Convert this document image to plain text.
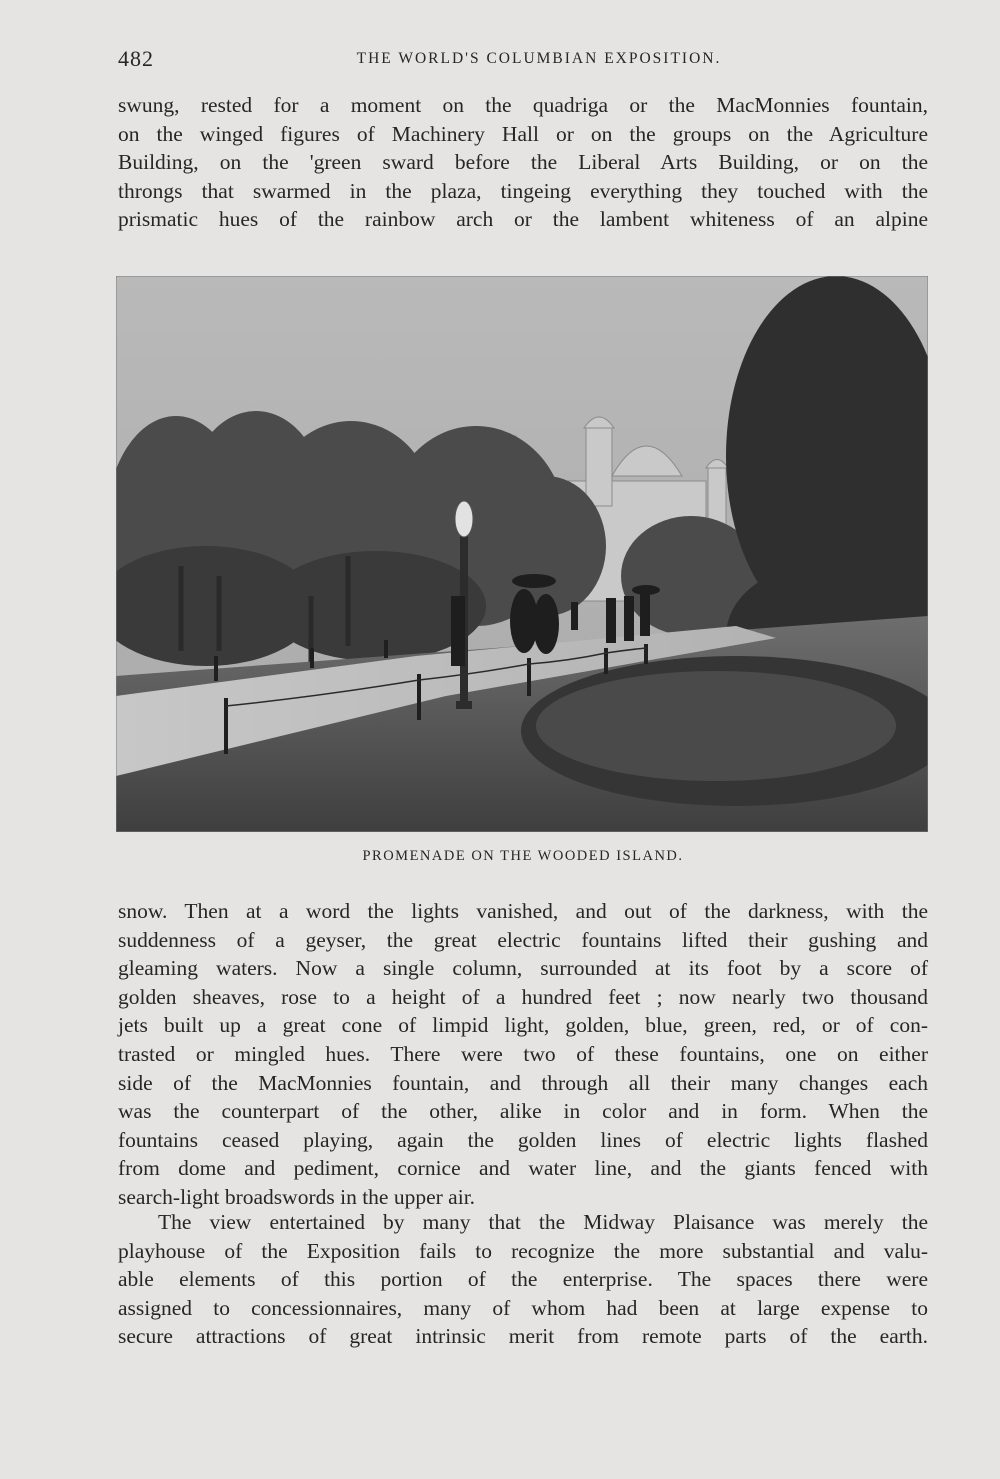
482	THE WORLD'S COLUMBIAN EXPOSITION.
swung, rested for a moment on the quadriga or the MacMonnies fountain,
on the winged figures of Machinery Hall or on the groups on the Agriculture
Building, on the 'green sward before the Liberal Arts Building, or on the
throngs that swarmed in the plaza, tingeing everything they touched with the
prismatic hues of the rainbow arch or the lambent whiteness of an alpine
PROMENADE ON THE WOODED ISLAND.
snow. Then at a word the lights vanished, and out of the darkness, with the
suddenness of a geyser, the great electric fountains lifted their gushing and
gleaming waters. Now a single column, surrounded at its foot by a score of
golden sheaves, rose to a height of a hundred feet ; now nearly two thousand
jets built up a great cone of limpid light, golden, blue, green, red, or of con-
trasted or mingled hues. There were two of these fountains, one on either
side of the MacMonnies fountain, and through all their many changes each
was the counterpart of the other, alike in color and in form. When the
fountains ceased playing, again the golden lines of electric lights flashed
from dome and pediment, cornice and water line, and the giants fenced with
search-light broadswords in the upper air.
The view entertained by many that the Midway Plaisance was merely the
playhouse of the Exposition fails to recognize the more substantial and valu-
able elements of this portion of the enterprise. The spaces there were
assigned to concessionnaires, many of whom had been at large expense to
secure attractions of great intrinsic merit from remote parts of the earth.
